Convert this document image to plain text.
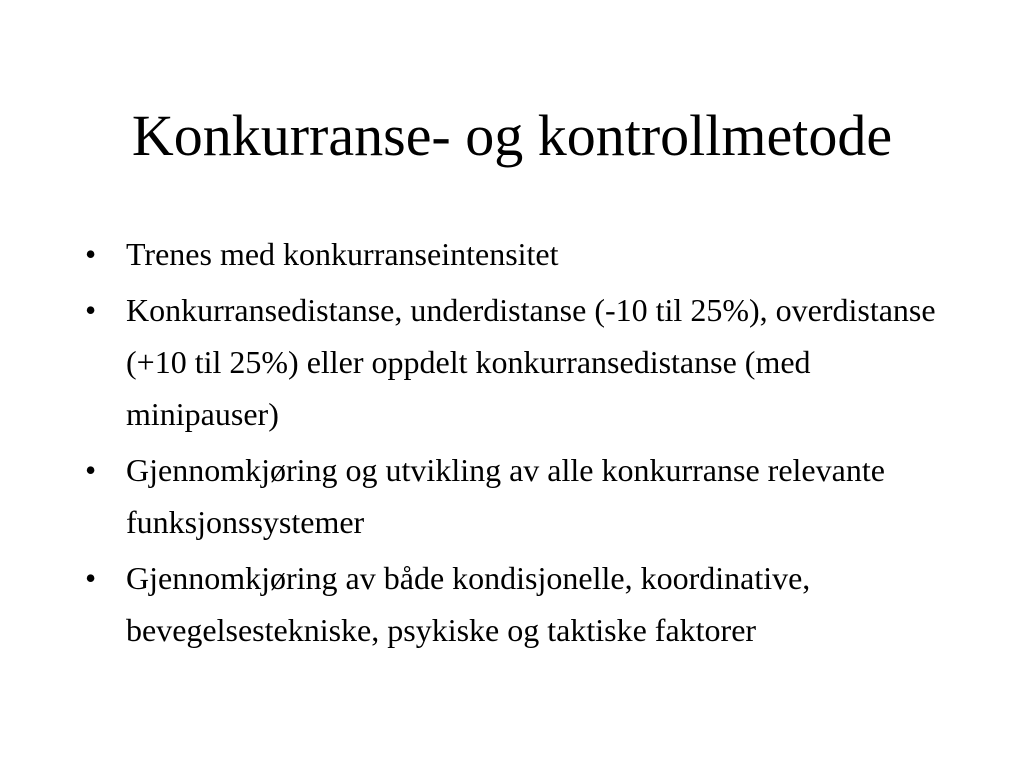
Konkurranse- og kontrollmetode
• Trenes med konkurranseintensitet
• Konkurransedistanse, underdistanse (-10 til 25%), overdistanse (+10 til 25%) eller oppdelt konkurransedistanse (med minipauser)
• Gjennomkjøring og utvikling av alle konkurranse relevante funksjonssystemer
• Gjennomkjøring av både kondisjonelle, koordinative, bevegelsestekniske, psykiske og taktiske faktorer
